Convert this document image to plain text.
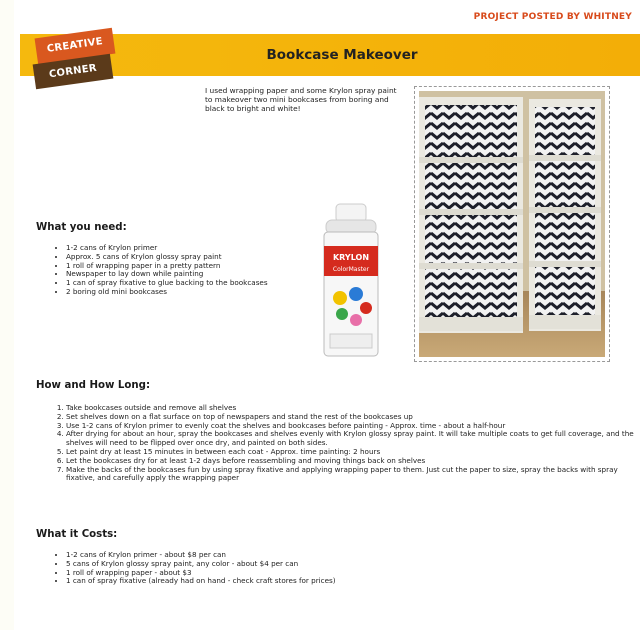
PROJECT POSTED BY WHITNEY
Bookcase Makeover
CREATIVE
CORNER
I used wrapping paper and some Krylon spray paint to makeover two mini bookcases from boring and black to bright and white!
KRYLON
ColorMaster
What you need:
• 1-2 cans of Krylon primer
• Approx. 5 cans of Krylon glossy spray paint
• 1 roll of wrapping paper in a pretty pattern
• Newspaper to lay down while painting
• 1 can of spray fixative to glue backing to the bookcases
• 2 boring old mini bookcases
How and How Long:
1. Take bookcases outside and remove all shelves
2. Set shelves down on a flat surface on top of newspapers and stand the rest of the bookcases up
3. Use 1-2 cans of Krylon primer to evenly coat the shelves and bookcases before painting - Approx. time - about a half-hour
4. After drying for about an hour, spray the bookcases and shelves evenly with Krylon glossy spray paint. It will take multiple coats to get full coverage, and the shelves will need to be flipped over once dry, and painted on both sides.
5. Let paint dry at least 15 minutes in between each coat - Approx. time painting: 2 hours
6. Let the bookcases dry for at least 1-2 days before reassembling and moving things back on shelves
7. Make the backs of the bookcases fun by using spray fixative and applying wrapping paper to them. Just cut the paper to size, spray the backs with spray fixative, and carefully apply the wrapping paper
What it Costs:
• 1-2 cans of Krylon primer - about $8 per can
• 5 cans of Krylon glossy spray paint, any color - about $4 per can
• 1 roll of wrapping paper - about $3
• 1 can of spray fixative (already had on hand - check craft stores for prices)
